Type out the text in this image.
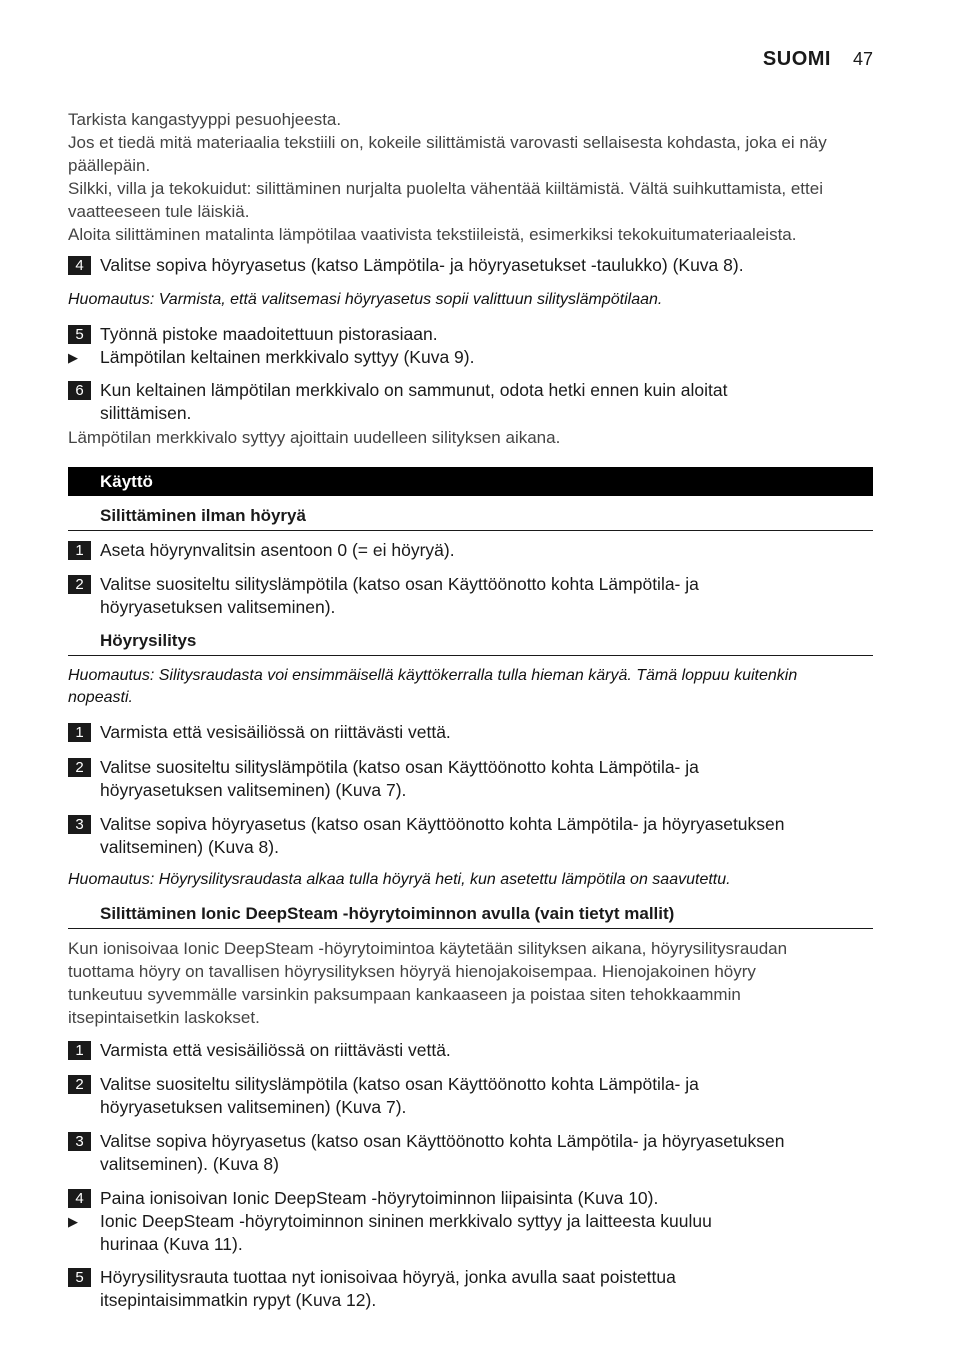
SUOMI 47
Tarkista kangastyyppi pesuohjeesta.
Jos et tiedä mitä materiaalia tekstiili on, kokeile silittämistä varovasti sellaisesta kohdasta, joka ei näy
päällepäin.
Silkki, villa ja tekokuidut: silittäminen nurjalta puolelta vähentää kiiltämistä. Vältä suihkuttamista, ettei
vaatteeseen tule läiskiä.
Aloita silittäminen matalinta lämpötilaa vaativista tekstiileistä, esimerkiksi tekokuitumateriaaleista.
4 Valitse sopiva höyryasetus (katso Lämpötila- ja höyryasetukset -taulukko) (Kuva 8).
Huomautus: Varmista, että valitsemasi höyryasetus sopii valittuun silityslämpötilaan.
5 Työnnä pistoke maadoitettuun pistorasiaan.
▶ Lämpötilan keltainen merkkivalo syttyy (Kuva 9).
6 Kun keltainen lämpötilan merkkivalo on sammunut, odota hetki ennen kuin aloitat
silittämisen.
Lämpötilan merkkivalo syttyy ajoittain uudelleen silityksen aikana.
Käyttö
Silittäminen ilman höyryä
1 Aseta höyrynvalitsin asentoon 0 (= ei höyryä).
2 Valitse suositeltu silityslämpötila (katso osan Käyttöönotto kohta Lämpötila- ja
höyryasetuksen valitseminen).
Höyrysilitys
Huomautus: Silitysraudasta voi ensimmäisellä käyttökerralla tulla hieman käryä. Tämä loppuu kuitenkin
nopeasti.
1 Varmista että vesisäiliössä on riittävästi vettä.
2 Valitse suositeltu silityslämpötila (katso osan Käyttöönotto kohta Lämpötila- ja
höyryasetuksen valitseminen) (Kuva 7).
3 Valitse sopiva höyryasetus (katso osan Käyttöönotto kohta Lämpötila- ja höyryasetuksen
valitseminen) (Kuva 8).
Huomautus: Höyrysilitysraudasta alkaa tulla höyryä heti, kun asetettu lämpötila on saavutettu.
Silittäminen Ionic DeepSteam -höyrytoiminnon avulla (vain tietyt mallit)
Kun ionisoivaa Ionic DeepSteam -höyrytoimintoa käytetään silityksen aikana, höyrysilitysraudan
tuottama höyry on tavallisen höyrysilityksen höyryä hienojakoisempaa. Hienojakoinen höyry
tunkeutuu syvemmälle varsinkin paksumpaan kankaaseen ja poistaa siten tehokkaammin
itsepintaisetkin laskokset.
1 Varmista että vesisäiliössä on riittävästi vettä.
2 Valitse suositeltu silityslämpötila (katso osan Käyttöönotto kohta Lämpötila- ja
höyryasetuksen valitseminen) (Kuva 7).
3 Valitse sopiva höyryasetus (katso osan Käyttöönotto kohta Lämpötila- ja höyryasetuksen
valitseminen). (Kuva 8)
4 Paina ionisoivan Ionic DeepSteam -höyrytoiminnon liipaisinta (Kuva 10).
▶ Ionic DeepSteam -höyrytoiminnon sininen merkkivalo syttyy ja laitteesta kuuluu
hurinaa (Kuva 11).
5 Höyrysilitysrauta tuottaa nyt ionisoivaa höyryä, jonka avulla saat poistettua
itsepintaisimmatkin rypyt (Kuva 12).
